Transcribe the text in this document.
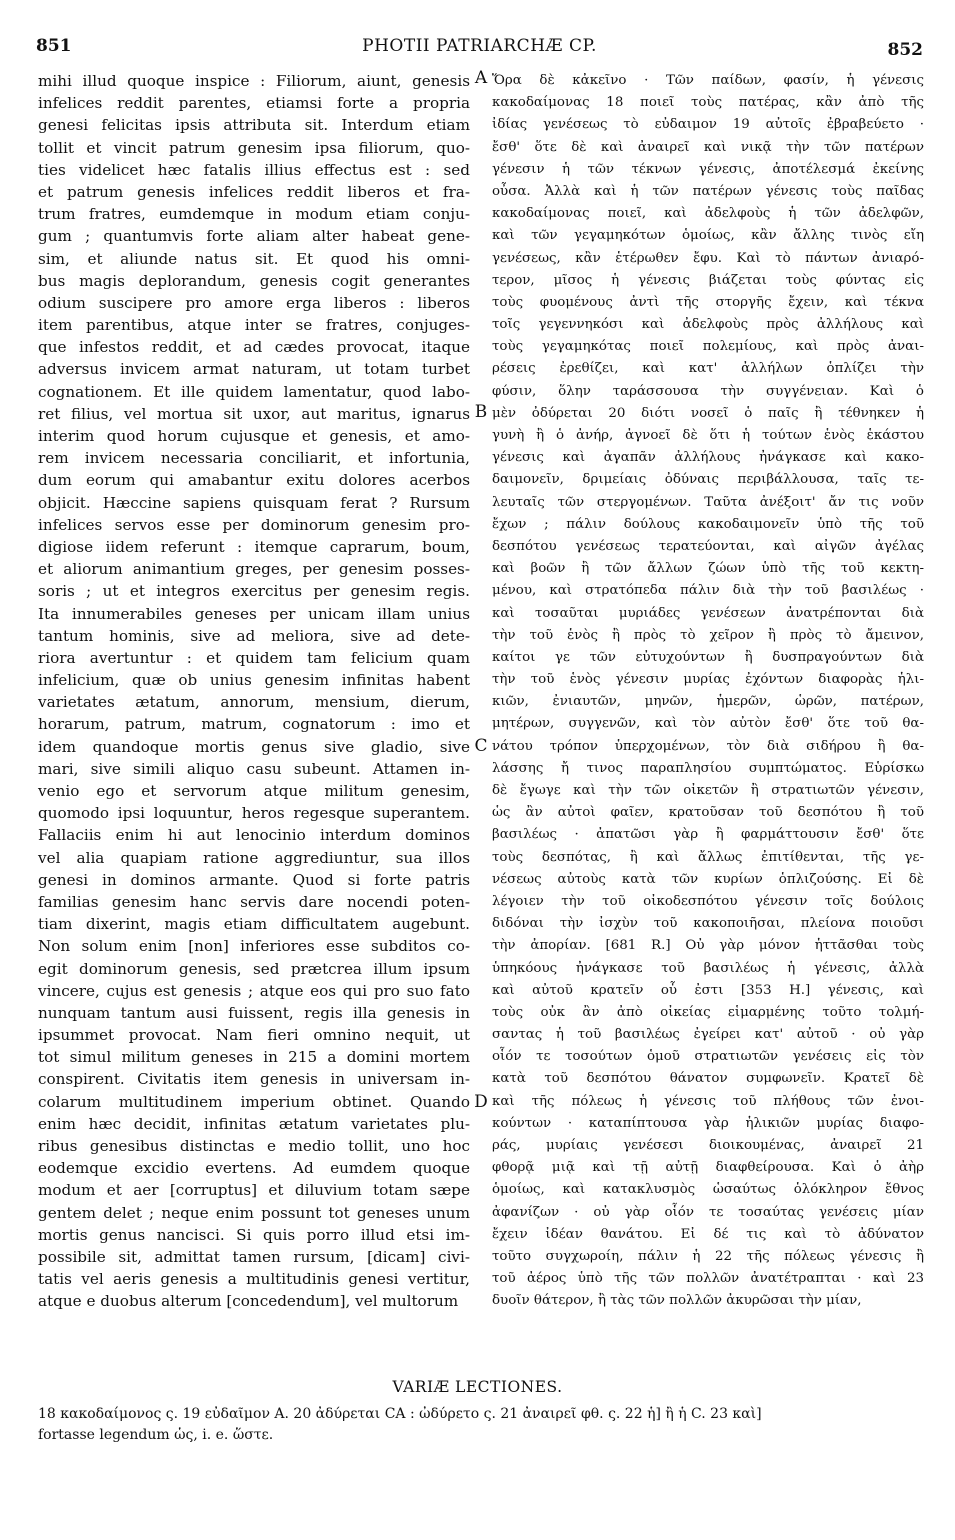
851	PHOTII PATRIARCHÆ CP.	852
mihi illud quoque inspice : Filiorum, aiunt, genesis
infelices reddit parentes, etiamsi forte a propria
genesi felicitas ipsis attributa sit. Interdum etiam
tollit et vincit patrum genesim ipsa filiorum, quo-
ties videlicet hæc fatalis illius effectus est : sed
et patrum genesis infelices reddit liberos et fra-
trum fratres, eumdemque in modum etiam conju-
gum ; quantumvis forte aliam alter habeat gene-
sim, et aliunde natus sit. Et quod his omni-
bus magis deplorandum, genesis cogit generantes
odium suscipere pro amore erga liberos : liberos
item parentibus, atque inter se fratres, conjuges-
que infestos reddit, et ad cædes provocat, itaque
adversus invicem armat naturam, ut totam turbet
cognationem. Et ille quidem lamentatur, quod labo-
ret filius, vel mortua sit uxor, aut maritus, ignarus
interim quod horum cujusque et genesis, et amo-
rem invicem necessaria conciliarit, et infortunia,
dum eorum qui amabantur exitu dolores acerbos
objicit. Hæccine sapiens quisquam ferat ? Rursum
infelices servos esse per dominorum genesim pro-
digiose iidem referunt : itemque caprarum, boum,
et aliorum animantium greges, per genesim posses-
soris ; ut et integros exercitus per genesim regis.
Ita innumerabiles geneses per unicam illam unius
tantum hominis, sive ad meliora, sive ad dete-
riora avertuntur : et quidem tam felicium quam
infelicium, quæ ob unius genesim infinitas habent
varietates ætatum, annorum, mensium, dierum,
horarum, patrum, matrum, cognatorum : imo et
idem quandoque mortis genus sive gladio, sive
mari, sive simili aliquo casu subeunt. Attamen in-
venio ego et servorum atque militum genesim,
quomodo ipsi loquuntur, heros regesque superantem.
Fallaciis enim hi aut lenocinio interdum dominos
vel alia quapiam ratione aggrediuntur, sua illos
genesi in dominos armante. Quod si forte patris
familias genesim hanc servis dare nocendi poten-
tiam dixerint, magis etiam difficultatem augebunt.
Non solum enim [non] inferiores esse subditos co-
egit dominorum genesis, sed prætcrea illum ipsum
vincere, cujus est genesis ; atque eos qui pro suo fato
nunquam tantum ausi fuissent, regis illa genesis in
ipsummet provocat. Nam fieri omnino nequit, ut
tot simul militum geneses in 215 a domini mortem
conspirent. Civitatis item genesis in universam in-
colarum multitudinem imperium obtinet. Quando
enim hæc decidit, infinitas ætatum varietates plu-
ribus genesibus distinctas e medio tollit, uno hoc
eodemque excidio evertens. Ad eumdem quoque
modum et aer [corruptus] et diluvium totam sæpe
gentem delet ; neque enim possunt tot geneses unum
mortis genus nancisci. Si quis porro illud etsi im-
possibile sit, admittat tamen rursum, [dicam] civi-
tatis vel aeris genesis a multitudinis genesi vertitur,
atque e duobus alterum [concedendum], vel multorum
Ὅρα δὲ κἀκεῖνο · Τῶν παίδων, φασίν, ἡ γένεσις
κακοδαίμονας 18 ποιεῖ τοὺς πατέρας, κἂν ἀπὸ τῆς
ἰδίας γενέσεως τὸ εὐδαιμον 19 αὐτοῖς ἐβραβεύετο ·
ἔσθ' ὅτε δὲ καὶ ἀναιρεῖ καὶ νικᾷ τὴν τῶν πατέρων
γένεσιν ἡ τῶν τέκνων γένεσις, ἀποτέλεσμά ἐκείνης
οὖσα. Ἀλλὰ καὶ ἡ τῶν πατέρων γένεσις τοὺς παῖδας
κακοδαίμονας ποιεῖ, καὶ ἀδελφοὺς ἡ τῶν ἀδελφῶν,
καὶ τῶν γεγαμηκότων ὁμοίως, κἂν ἄλλης τινὸς εἴη
γενέσεως, κἂν ἑτέρωθεν ἔφυ. Καὶ τὸ πάντων ἀνιαρό-
τερον, μῖσος ἡ γένεσις βιάζεται τοὺς φύντας εἰς
τοὺς φυομένους ἀντὶ τῆς στοργῆς ἔχειν, καὶ τέκνα
τοῖς γεγεννηκόσι καὶ ἀδελφοὺς πρὸς ἀλλήλους καὶ
τοὺς γεγαμηκότας ποιεῖ πολεμίους, καὶ πρὸς ἀναι-
ρέσεις ἐρεθίζει, καὶ κατ' ἀλλήλων ὁπλίζει τὴν
φύσιν, ὅλην ταράσσουσα τὴν συγγένειαν. Καὶ ὁ
μὲν ὀδύρεται 20 διότι νοσεῖ ὁ παῖς ἢ τέθνηκεν ἡ
γυνὴ ἢ ὁ ἀνήρ, ἀγνοεῖ δὲ ὅτι ἡ τούτων ἑνὸς ἑκάστου
γένεσις καὶ ἀγαπᾶν ἀλλήλους ἠνάγκασε καὶ κακο-
δαιμονεῖν, δριμείαις ὀδύναις περιβάλλουσα, ταῖς τε-
λευταῖς τῶν στεργομένων. Ταῦτα ἀνέξοιτ' ἄν τις νοῦν
ἔχων ; πάλιν δούλους κακοδαιμονεῖν ὑπὸ τῆς τοῦ
δεσπότου γενέσεως τερατεύονται, καὶ αἰγῶν ἀγέλας
καὶ βοῶν ἢ τῶν ἄλλων ζώων ὑπὸ τῆς τοῦ κεκτη-
μένου, καὶ στρατόπεδα πάλιν διὰ τὴν τοῦ βασιλέως ·
καὶ τοσαῦται μυριάδες γενέσεων ἀνατρέπονται διὰ
τὴν τοῦ ἑνὸς ἢ πρὸς τὸ χεῖρον ἢ πρὸς τὸ ἄμεινον,
καίτοι γε τῶν εὐτυχούντων ἢ δυσπραγούντων διὰ
τὴν τοῦ ἑνὸς γένεσιν μυρίας ἐχόντων διαφορὰς ἡλι-
κιῶν, ἐνιαυτῶν, μηνῶν, ἡμερῶν, ὡρῶν, πατέρων,
μητέρων, συγγενῶν, καὶ τὸν αὐτὸν ἔσθ' ὅτε τοῦ θα-
νάτου τρόπον ὑπερχομένων, τὸν διὰ σιδήρου ἢ θα-
λάσσης ἤ τινος παραπλησίου συμπτώματος. Εὑρίσκω
δὲ ἔγωγε καὶ τὴν τῶν οἰκετῶν ἢ στρατιωτῶν γένεσιν,
ὡς ἂν αὐτοὶ φαῖεν, κρατοῦσαν τοῦ δεσπότου ἢ τοῦ
βασιλέως · ἀπατῶσι γὰρ ἢ φαρμάττουσιν ἔσθ' ὅτε
τοὺς δεσπότας, ἢ καὶ ἄλλως ἐπιτίθενται, τῆς γε-
νέσεως αὐτοὺς κατὰ τῶν κυρίων ὁπλιζούσης. Εἰ δὲ
λέγοιεν τὴν τοῦ οἰκοδεσπότου γένεσιν τοῖς δούλοις
διδόναι τὴν ἰσχὺν τοῦ κακοποιῆσαι, πλείονα ποιοῦσι
τὴν ἀπορίαν. [681 R.] Οὐ γὰρ μόνον ἡττᾶσθαι τοὺς
ὑπηκόους ἠνάγκασε τοῦ βασιλέως ἡ γένεσις, ἀλλὰ
καὶ αὐτοῦ κρατεῖν οὗ ἐστι [353 H.] γένεσις, καὶ
τοὺς οὐκ ἂν ἀπὸ οἰκείας εἱμαρμένης τοῦτο τολμή-
σαντας ἡ τοῦ βασιλέως ἐγείρει κατ' αὐτοῦ · οὐ γὰρ
οἷόν τε τοσούτων ὁμοῦ στρατιωτῶν γενέσεις εἰς τὸν
κατὰ τοῦ δεσπότου θάνατον συμφωνεῖν. Κρατεῖ δὲ
καὶ τῆς πόλεως ἡ γένεσις τοῦ πλήθους τῶν ἐνοι-
κούντων · καταπίπτουσα γὰρ ἡλικιῶν μυρίας διαφο-
ράς, μυρίαις γενέσεσι διοικουμένας, ἀναιρεῖ 21
φθορᾷ μιᾷ καὶ τῇ αὐτῇ διαφθείρουσα. Καὶ ὁ ἀὴρ
ὁμοίως, καὶ κατακλυσμὸς ὡσαύτως ὁλόκληρον ἔθνος
ἀφανίζων · οὐ γὰρ οἷόν τε τοσαύτας γενέσεις μίαν
ἔχειν ἰδέαν θανάτου. Εἰ δέ τις καὶ τὸ ἀδύνατον
τοῦτο συγχωροίη, πάλιν ἡ 22 τῆς πόλεως γένεσις ἢ
τοῦ ἀέρος ὑπὸ τῆς τῶν πολλῶν ἀνατέτραπται · καὶ 23
δυοῖν θάτερον, ἢ τὰς τῶν πολλῶν ἀκυρῶσαι τὴν μίαν,
A
B
C
D
VARIÆ LECTIONES.
18 κακοδαίμονος ς. 19 εὐδαῖμον A. 20 ἀδύρεται CA : ὠδύρετο ς. 21 ἀναιρεῖ φθ. ς. 22 ἡ] ἢ ἡ C. 23 καὶ]
fortasse legendum ὡς, i. e. ὥστε.
